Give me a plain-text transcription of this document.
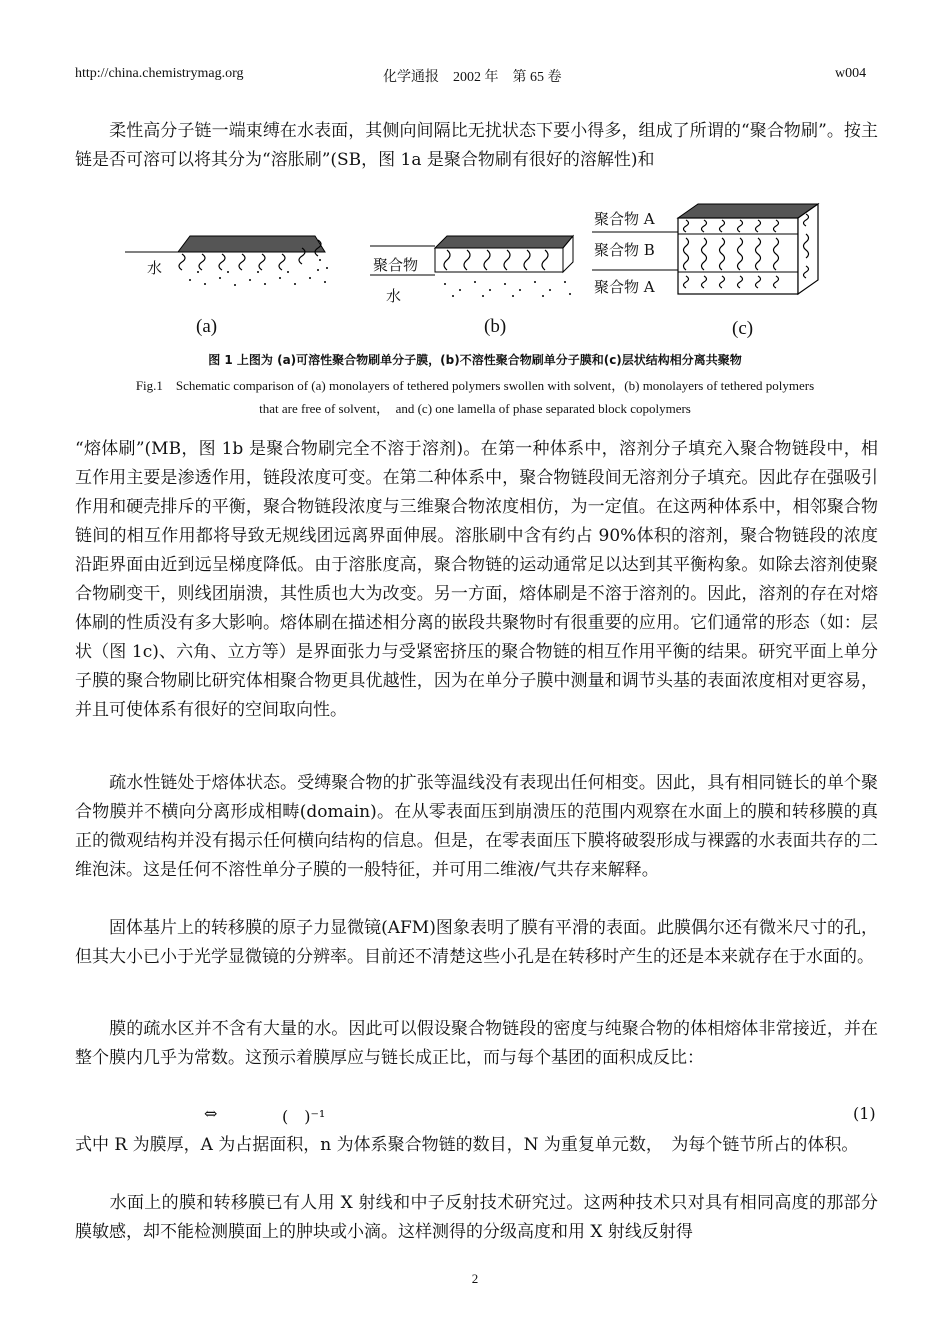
http://china.chemistrymag.org	化学通报　2002 年　第 65 卷	w004

　　柔性高分子链一端束缚在水表面，其侧向间隔比无扰状态下要小得多，组成了所谓的“聚合物刷”。按主链是否可溶可以将其分为“溶胀刷”(SB，图 1a 是聚合物刷有很好的溶解性)和

水
(a)
聚合物
水
(b)
聚合物 A
聚合物 B
聚合物 A
(c)
图 1 上图为 (a)可溶性聚合物刷单分子膜，(b)不溶性聚合物刷单分子膜和(c)层状结构相分离共聚物
Fig.1　Schematic comparison of (a) monolayers of tethered polymers swollen with solvent，(b) monolayers of tethered polymers
that are free of solvent，　and (c) one lamella of phase separated block copolymers

“熔体刷”(MB，图 1b 是聚合物刷完全不溶于溶剂)。在第一种体系中，溶剂分子填充入聚合物链段中，相互作用主要是渗透作用，链段浓度可变。在第二种体系中，聚合物链段间无溶剂分子填充。因此存在强吸引作用和硬壳排斥的平衡，聚合物链段浓度与三维聚合物浓度相仿，为一定值。在这两种体系中，相邻聚合物链间的相互作用都将导致无规线团远离界面伸展。溶胀刷中含有约占 90%体积的溶剂，聚合物链段的浓度沿距界面由近到远呈梯度降低。由于溶胀度高，聚合物链的运动通常足以达到其平衡构象。如除去溶剂使聚合物刷变干，则线团崩溃，其性质也大为改变。另一方面，熔体刷是不溶于溶剂的。因此，溶剂的存在对熔体刷的性质没有多大影响。熔体刷在描述相分离的嵌段共聚物时有很重要的应用。它们通常的形态（如：层状（图 1c)、六角、立方等）是界面张力与受紧密挤压的聚合物链的相互作用平衡的结果。研究平面上单分子膜的聚合物刷比研究体相聚合物更具优越性，因为在单分子膜中测量和调节头基的表面浓度相对更容易，并且可使体系有很好的空间取向性。

　　疏水性链处于熔体状态。受缚聚合物的扩张等温线没有表现出任何相变。因此，具有相同链长的单个聚合物膜并不横向分离形成相畴(domain)。在从零表面压到崩溃压的范围内观察在水面上的膜和转移膜的真正的微观结构并没有揭示任何横向结构的信息。但是，在零表面压下膜将破裂形成与裸露的水表面共存的二维泡沫。这是任何不溶性单分子膜的一般特征，并可用二维液/气共存来解释。

　　固体基片上的转移膜的原子力显微镜(AFM)图象表明了膜有平滑的表面。此膜偶尔还有微米尺寸的孔，但其大小已小于光学显微镜的分辨率。目前还不清楚这些小孔是在转移时产生的还是本来就存在于水面的。

　　膜的疏水区并不含有大量的水。因此可以假设聚合物链段的密度与纯聚合物的体相熔体非常接近，并在整个膜内几乎为常数。这预示着膜厚应与链长成正比，而与每个基团的面积成反比：

⇔	(　)⁻¹	(1)

式中 R 为膜厚，A 为占据面积，n 为体系聚合物链的数目，N 为重复单元数，　为每个链节所占的体积。

　　水面上的膜和转移膜已有人用 X 射线和中子反射技术研究过。这两种技术只对具有相同高度的那部分膜敏感，却不能检测膜面上的肿块或小滴。这样测得的分级高度和用 X 射线反射得

2
